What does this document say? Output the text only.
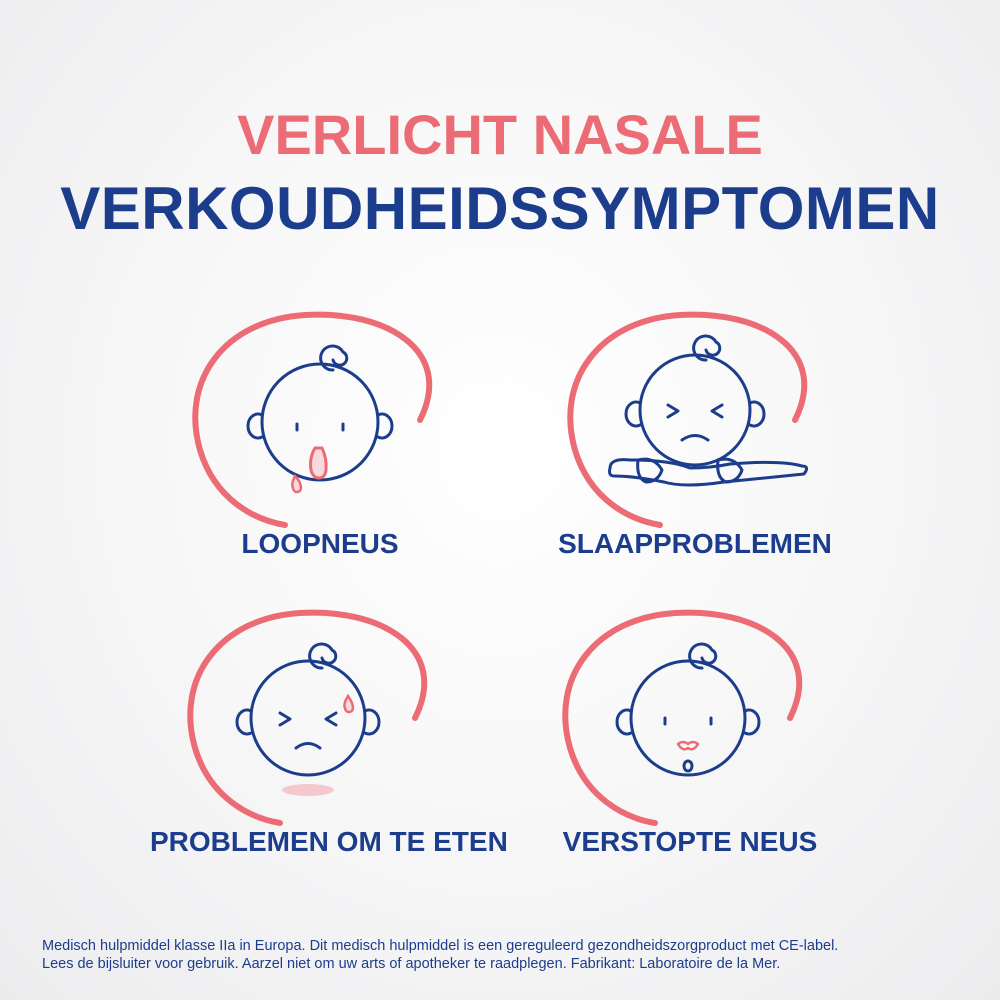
VERLICHT NASALE
VERKOUDHEIDSSYMPTOMEN
LOOPNEUS	SLAAPPROBLEMEN
PROBLEMEN OM TE ETEN	VERSTOPTE NEUS
Medisch hulpmiddel klasse IIa in Europa. Dit medisch hulpmiddel is een gereguleerd gezondheidszorgproduct met CE-label.
Lees de bijsluiter voor gebruik. Aarzel niet om uw arts of apotheker te raadplegen. Fabrikant: Laboratoire de la Mer.
